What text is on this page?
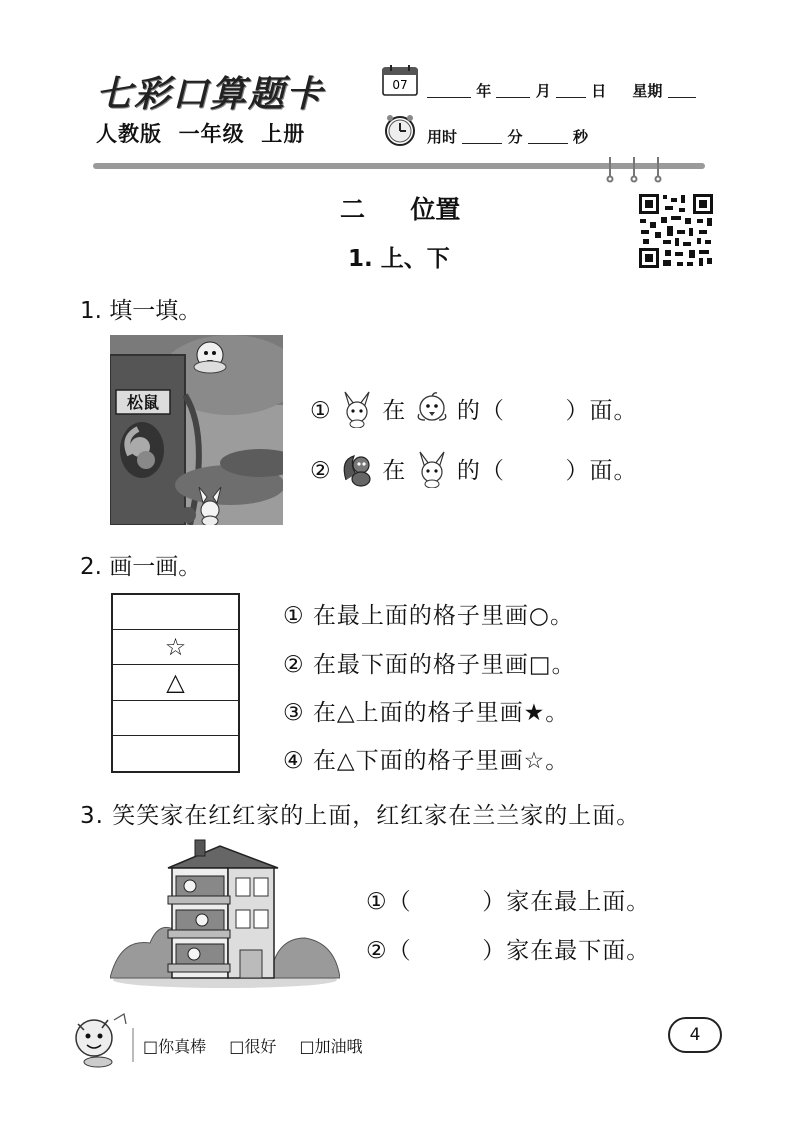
七彩口算题卡
人教版  一年级  上册
07	年	月	日 星期
用时	分	秒
二  位置
1. 上、下
1. 填一填。
松鼠	① 在 的（	）面。
② 在 的（	）面。
2. 画一画。
☆
△
① 在最上面的格子里画○。
② 在最下面的格子里画□。
③ 在△上面的格子里画★。
④ 在△下面的格子里画☆。
3. 笑笑家在红红家的上面，红红家在兰兰家的上面。
①（	）家在最上面。
②（	）家在最下面。
□你真棒 □很好 □加油哦
4
